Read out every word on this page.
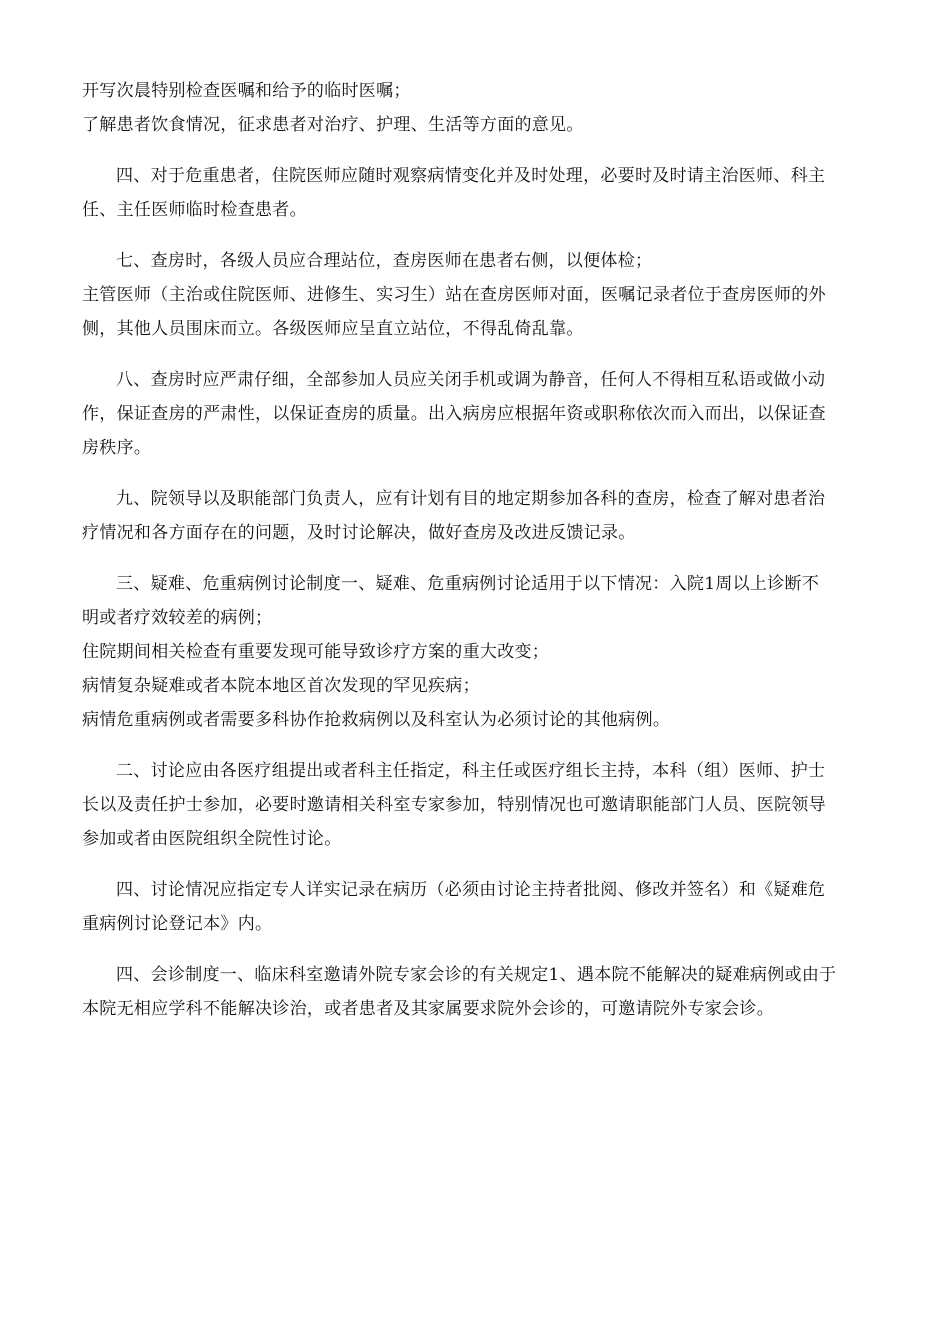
开写次晨特别检查医嘱和给予的临时医嘱；

了解患者饮食情况，征求患者对治疗、护理、生活等方面的意见。

四、对于危重患者，住院医师应随时观察病情变化并及时处理，必要时及时请主治医师、科主

任、主任医师临时检查患者。

七、查房时，各级人员应合理站位，查房医师在患者右侧，以便体检；

主管医师（主治或住院医师、进修生、实习生）站在查房医师对面，医嘱记录者位于查房医师的外

侧，其他人员围床而立。各级医师应呈直立站位，不得乱倚乱靠。

八、查房时应严肃仔细，全部参加人员应关闭手机或调为静音，任何人不得相互私语或做小动

作，保证查房的严肃性，以保证查房的质量。出入病房应根据年资或职称依次而入而出，以保证查

房秩序。

九、院领导以及职能部门负责人，应有计划有目的地定期参加各科的查房，检查了解对患者治

疗情况和各方面存在的问题，及时讨论解决，做好查房及改进反馈记录。

三、疑难、危重病例讨论制度一、疑难、危重病例讨论适用于以下情况：入院1周以上诊断不

明或者疗效较差的病例；

住院期间相关检查有重要发现可能导致诊疗方案的重大改变；

病情复杂疑难或者本院本地区首次发现的罕见疾病；

病情危重病例或者需要多科协作抢救病例以及科室认为必须讨论的其他病例。

二、讨论应由各医疗组提出或者科主任指定，科主任或医疗组长主持，本科（组）医师、护士

长以及责任护士参加，必要时邀请相关科室专家参加，特别情况也可邀请职能部门人员、医院领导

参加或者由医院组织全院性讨论。

四、讨论情况应指定专人详实记录在病历（必须由讨论主持者批阅、修改并签名）和《疑难危

重病例讨论登记本》内。

四、会诊制度一、临床科室邀请外院专家会诊的有关规定1、遇本院不能解决的疑难病例或由于

本院无相应学科不能解决诊治，或者患者及其家属要求院外会诊的，可邀请院外专家会诊。
